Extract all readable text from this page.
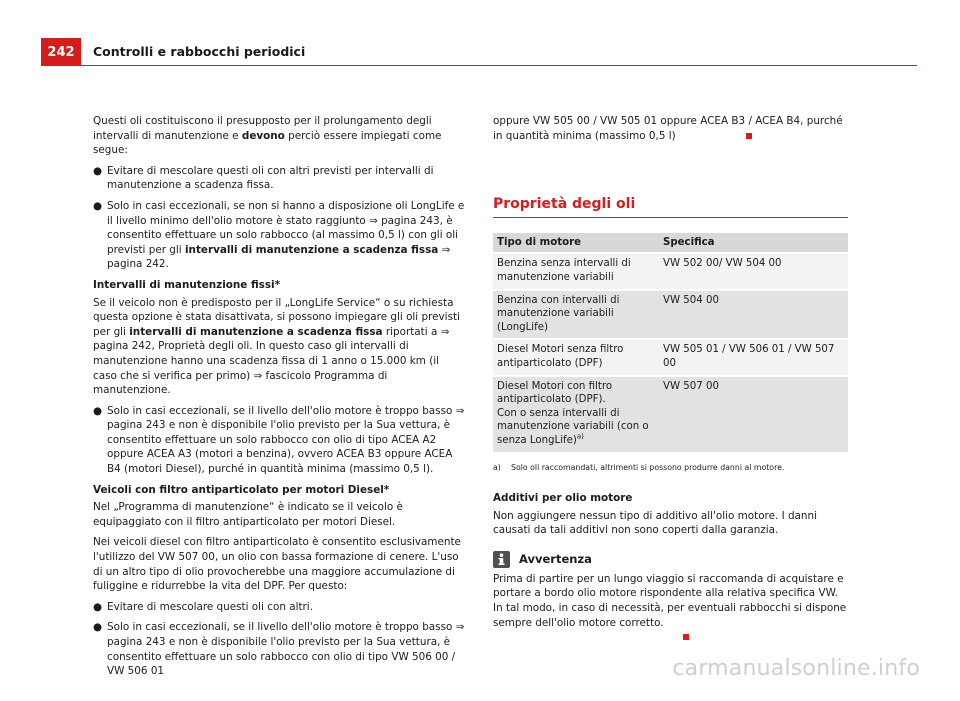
242	Controlli e rabbocchi periodici

Questi oli costituiscono il presupposto per il prolungamento degli intervalli di manutenzione e devono perciò essere impiegati come segue:

● Evitare di mescolare questi oli con altri previsti per intervalli di manutenzione a scadenza fissa.
● Solo in casi eccezionali, se non si hanno a disposizione oli LongLife e il livello minimo dell'olio motore è stato raggiunto ⇒ pagina 243, è consentito effettuare un solo rabbocco (al massimo 0,5 l) con gli oli previsti per gli intervalli di manutenzione a scadenza fissa ⇒ pagina 242.
Intervalli di manutenzione fissi*

Se il veicolo non è predisposto per il „LongLife Service“ o su richiesta questa opzione è stata disattivata, si possono impiegare gli oli previsti per gli intervalli di manutenzione a scadenza fissa riportati a ⇒ pagina 242, Proprietà degli oli. In questo caso gli intervalli di manutenzione hanno una scadenza fissa di 1 anno o 15.000 km (il caso che si verifica per primo) ⇒ fascicolo Programma di manutenzione.

● Solo in casi eccezionali, se il livello dell'olio motore è troppo basso ⇒ pagina 243 e non è disponibile l'olio previsto per la Sua vettura, è consentito effettuare un solo rabbocco con olio di tipo ACEA A2 oppure ACEA A3 (motori a benzina), ovvero ACEA B3 oppure ACEA B4 (motori Diesel), purché in quantità minima (massimo 0,5 l).
Veicoli con filtro antiparticolato per motori Diesel*

Nel „Programma di manutenzione“ è indicato se il veicolo è equipaggiato con il filtro antiparticolato per motori Diesel.

Nei veicoli diesel con filtro antiparticolato è consentito esclusivamente l'utilizzo del VW 507 00, un olio con bassa formazione di cenere. L'uso di un altro tipo di olio provocherebbe una maggiore accumulazione di fuliggine e ridurrebbe la vita del DPF. Per questo:

● Evitare di mescolare questi oli con altri.
● Solo in casi eccezionali, se il livello dell'olio motore è troppo basso ⇒ pagina 243 e non è disponibile l'olio previsto per la Sua vettura, è consentito effettuare un solo rabbocco con olio di tipo VW 506 00 / VW 506 01

oppure VW 505 00 / VW 505 01 oppure ACEA B3 / ACEA B4, purché in quantità minima (massimo 0,5 l)

Proprietà degli oli
Tipo di motore	Specifica
Benzina senza intervalli di manutenzione variabili	VW 502 00/ VW 504 00
Benzina con intervalli di manutenzione variabili (LongLife)	VW 504 00
Diesel Motori senza filtro antiparticolato (DPF)	VW 505 01 / VW 506 01 / VW 507 00
Diesel Motori con filtro antiparticolato (DPF).
Con o senza intervalli di manutenzione variabili (con o senza LongLife)$^{a)}$	VW 507 00
a)	Solo oli raccomandati, altrimenti si possono produrre danni al motore.
Additivi per olio motore

Non aggiungere nessun tipo di additivo all'olio motore. I danni causati da tali additivi non sono coperti dalla garanzia.

Avvertenza

Prima di partire per un lungo viaggio si raccomanda di acquistare e portare a bordo olio motore rispondente alla relativa specifica VW. In tal modo, in caso di necessità, per eventuali rabbocchi si dispone sempre dell'olio motore corretto.

carmanualsonline.info
